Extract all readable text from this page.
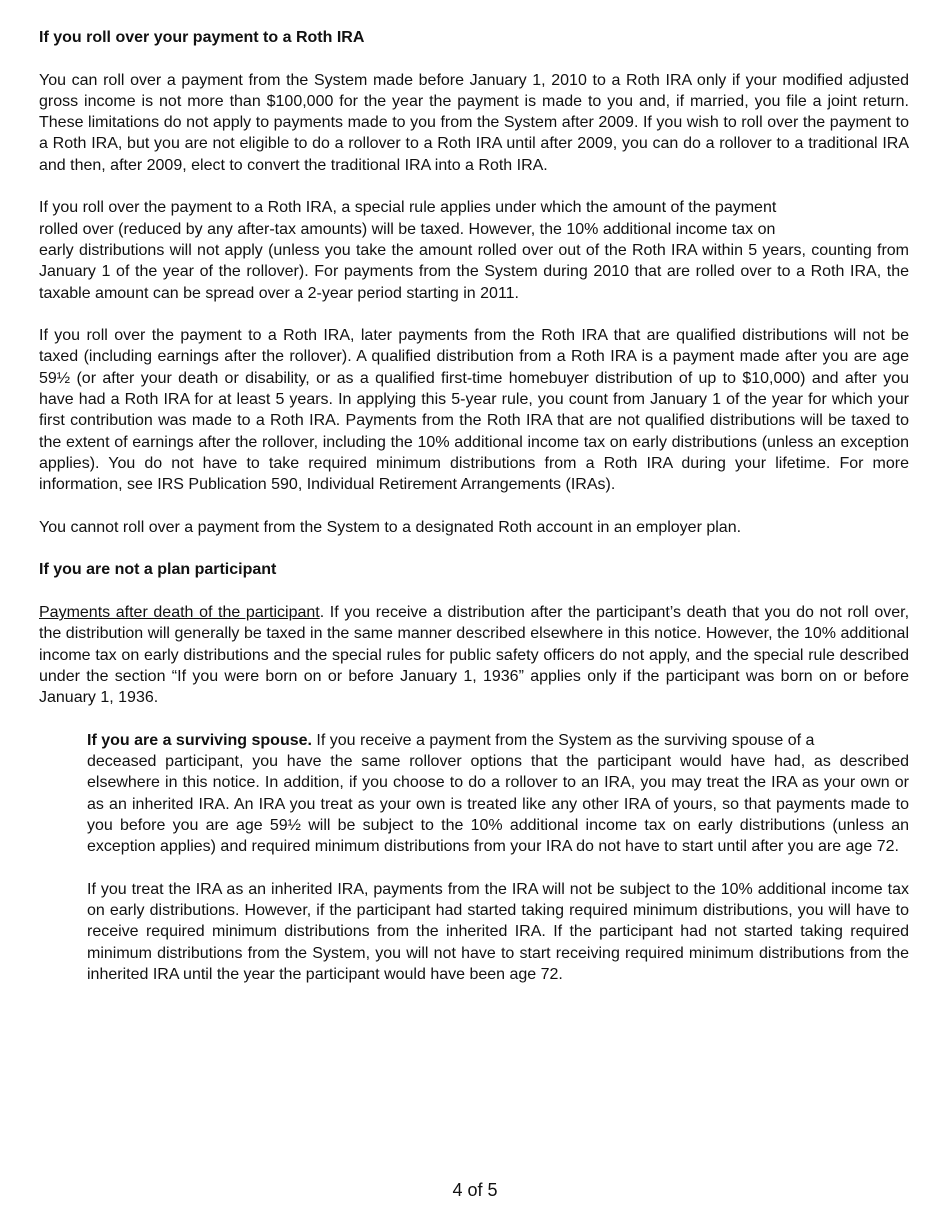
If you roll over your payment to a Roth IRA

You can roll over a payment from the System made before January 1, 2010 to a Roth IRA only if your modified adjusted gross income is not more than $100,000 for the year the payment is made to you and, if married, you file a joint return. These limitations do not apply to payments made to you from the System after 2009. If you wish to roll over the payment to a Roth IRA, but you are not eligible to do a rollover to a Roth IRA until after 2009, you can do a rollover to a traditional IRA and then, after 2009, elect to convert the traditional IRA into a Roth IRA.

If you roll over the payment to a Roth IRA, a special rule applies under which the amount of the payment
rolled over (reduced by any after-tax amounts) will be taxed. However, the 10% additional income tax on

early distributions will not apply (unless you take the amount rolled over out of the Roth IRA within 5 years, counting from January 1 of the year of the rollover). For payments from the System during 2010 that are rolled over to a Roth IRA, the taxable amount can be spread over a 2-year period starting in 2011.

If you roll over the payment to a Roth IRA, later payments from the Roth IRA that are qualified distributions will not be taxed (including earnings after the rollover). A qualified distribution from a Roth IRA is a payment made after you are age 59½ (or after your death or disability, or as a qualified first-time homebuyer distribution of up to $10,000) and after you have had a Roth IRA for at least 5 years. In applying this 5-year rule, you count from January 1 of the year for which your first contribution was made to a Roth IRA. Payments from the Roth IRA that are not qualified distributions will be taxed to the extent of earnings after the rollover, including the 10% additional income tax on early distributions (unless an exception applies). You do not have to take required minimum distributions from a Roth IRA during your lifetime. For more information, see IRS Publication 590, Individual Retirement Arrangements (IRAs).

You cannot roll over a payment from the System to a designated Roth account in an employer plan.

If you are not a plan participant

Payments after death of the participant. If you receive a distribution after the participant’s death that you do not roll over, the distribution will generally be taxed in the same manner described elsewhere in this notice. However, the 10% additional income tax on early distributions and the special rules for public safety officers do not apply, and the special rule described under the section “If you were born on or before January 1, 1936” applies only if the participant was born on or before January 1, 1936.

If you are a surviving spouse. If you receive a payment from the System as the surviving spouse of a
deceased participant, you have the same rollover options that the participant would have had, as described elsewhere in this notice. In addition, if you choose to do a rollover to an IRA, you may treat the IRA as your own or as an inherited IRA. An IRA you treat as your own is treated like any other IRA of yours, so that payments made to you before you are age 59½ will be subject to the 10% additional income tax on early distributions (unless an exception applies) and required minimum distributions from your IRA do not have to start until after you are age 72.

If you treat the IRA as an inherited IRA, payments from the IRA will not be subject to the 10% additional income tax on early distributions. However, if the participant had started taking required minimum distributions, you will have to receive required minimum distributions from the inherited IRA. If the participant had not started taking required minimum distributions from the System, you will not have to start receiving required minimum distributions from the inherited IRA until the year the participant would have been age 72.

4 of 5
